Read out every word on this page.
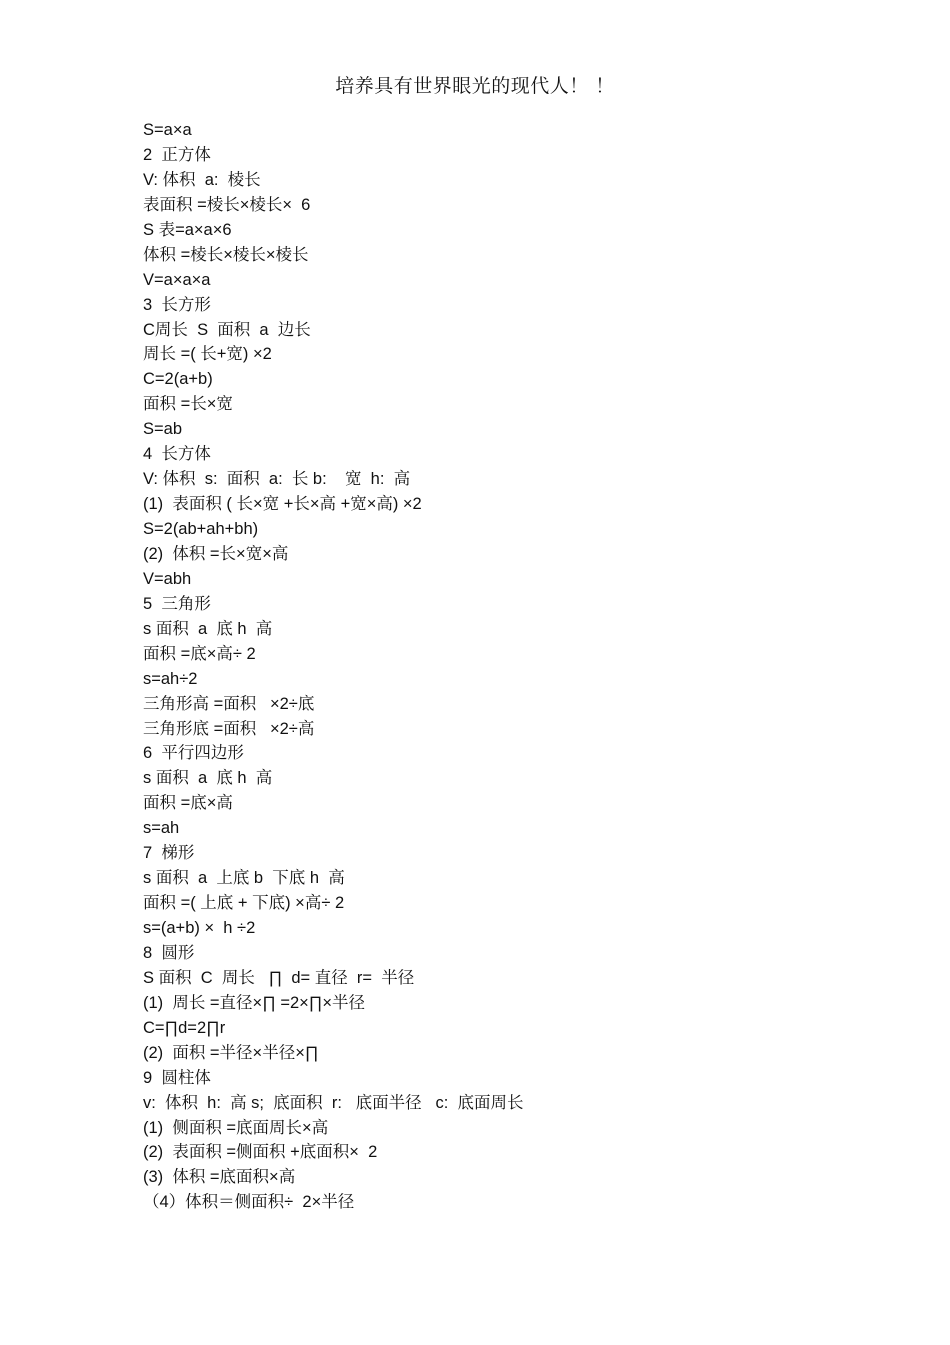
培养具有世界眼光的现代人！ ！
S=a×a
2  正方体
V: 体积  a:  棱长
表面积 =棱长×棱长×  6
S 表=a×a×6
体积 =棱长×棱长×棱长
V=a×a×a
3  长方形
C周长  S  面积  a  边长
周长 =( 长+宽) ×2
C=2(a+b)
面积 =长×宽
S=ab
4  长方体
V: 体积  s:  面积  a:  长 b:    宽  h:  高
(1)  表面积 ( 长×宽 +长×高 +宽×高) ×2
S=2(ab+ah+bh)
(2)  体积 =长×宽×高
V=abh
5  三角形
s 面积  a  底 h  高
面积 =底×高÷ 2
s=ah÷2
三角形高 =面积   ×2÷底
三角形底 =面积   ×2÷高
6  平行四边形
s 面积  a  底 h  高
面积 =底×高
s=ah
7  梯形
s 面积  a  上底 b  下底 h  高
面积 =( 上底 + 下底) ×高÷ 2
s=(a+b) ×  h ÷2
8  圆形
S 面积  C  周长   ∏  d= 直径  r=  半径
(1)  周长 =直径×∏ =2×∏×半径
C=∏d=2∏r
(2)  面积 =半径×半径×∏
9  圆柱体
v:  体积  h:  高 s;  底面积  r:   底面半径   c:  底面周长
(1)  侧面积 =底面周长×高
(2)  表面积 =侧面积 +底面积×  2
(3)  体积 =底面积×高
（4）体积＝侧面积÷  2×半径
